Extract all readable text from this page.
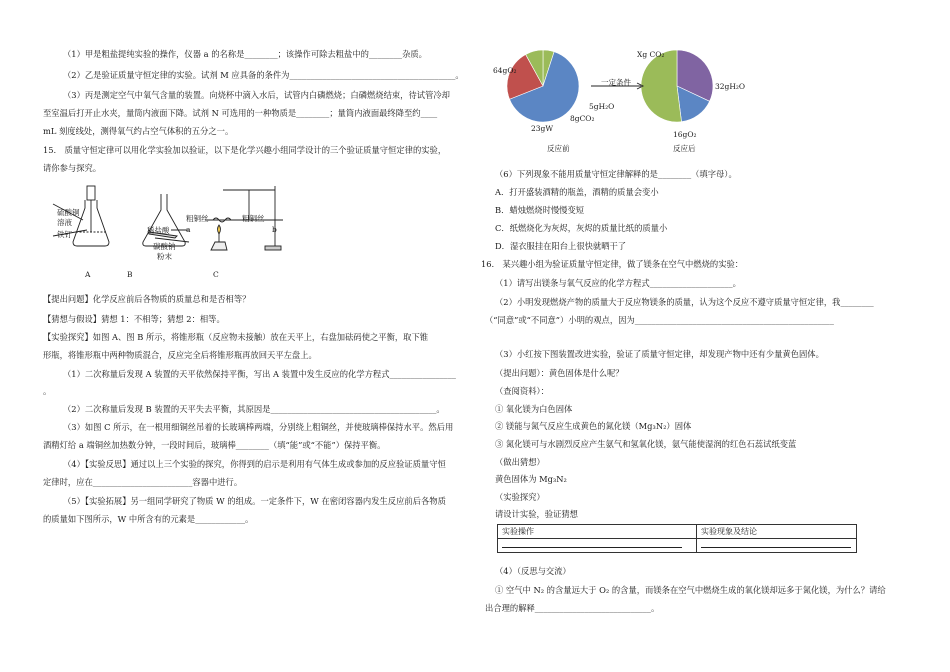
（1）甲是粗盐提纯实验的操作，仪器 a 的名称是________；该操作可除去粗盐中的________杂质。
（2）乙是验证质量守恒定律的实验。试剂 M 应具备的条件为________________________________________。
（3）丙是测定空气中氧气含量的装置。向烧杯中滴入水后，试管内白磷燃烧；白磷燃烧结束，待试管冷却
至室温后打开止水夹，量筒内液面下降。试剂 N 可选用的一种物质是________；量筒内液面最终降至约____
mL 刻度线处，测得氧气约占空气体积的五分之一。
15.　质量守恒定律可以用化学实验加以验证，以下是化学兴趣小组同学设计的三个验证质量守恒定律的实验，
请你参与探究。
硫酸铜
溶液
铁钉	稀盐酸
碳酸钠
粉末
粗铜丝	粗铜丝
a	b
A	B	C
【提出问题】化学反应前后各物质的质量总和是否相等？
【猜想与假设】猜想 1：不相等；猜想 2：相等。
【实验探究】如图 A、图 B 所示，将锥形瓶（反应物未接触）放在天平上，右盘加砝码使之平衡，取下锥
形瓶，将锥形瓶中两种物质混合，反应完全后将锥形瓶再放回天平左盘上。
（1）二次称量后发现 A 装置的天平依然保持平衡，写出 A 装置中发生反应的化学方程式________________
。
（2）二次称量后发现 B 装置的天平失去平衡，其原因是________________________________________。
（3）如图 C 所示，在一根用细铜丝吊着的长玻璃棒两端，分别绕上粗铜丝，并使玻璃棒保持水平。然后用
酒精灯给 a 端铜丝加热数分钟，一段时间后，玻璃棒________（填“能”或“不能”）保持平衡。
（4）【实验反思】通过以上三个实验的探究，你得到的启示是利用有气体生成或参加的反应验证质量守恒
定律时，应在________________________容器中进行。
（5）【实验拓展】另一组同学研究了物质 W 的组成。一定条件下，W 在密闭容器内发生反应前后各物质
的质量如下图所示，W 中所含有的元素是____________。
64gO₂
23gW
8gCO₂
5gH₂O
Xg CO₂
32gH₂O
16gO₂
一定条件
反应前	反应后
（6）下列现象不能用质量守恒定律解释的是________（填字母）。
A．打开盛装酒精的瓶盖，酒精的质量会变小
B．蜡烛燃烧时慢慢变短
C．纸燃烧化为灰烬，灰烬的质量比纸的质量小
D．湿衣服挂在阳台上很快就晒干了
16.　某兴趣小组为验证质量守恒定律，做了镁条在空气中燃烧的实验：
（1）请写出镁条与氧气反应的化学方程式____________________。
（2）小明发现燃烧产物的质量大于反应物镁条的质量，认为这个反应不遵守质量守恒定律，我________
（“同意”或“不同意”）小明的观点，因为________________________________________________
（3）小红按下图装置改进实验，验证了质量守恒定律，却发现产物中还有少量黄色固体。
（提出问题）：黄色固体是什么呢？
（查阅资料）：
① 氧化镁为白色固体
② 镁能与氮气反应生成黄色的氮化镁（Mg₃N₂）固体
③ 氮化镁可与水剧烈反应产生氨气和氢氧化镁，氨气能使湿润的红色石蕊试纸变蓝
（做出猜想）
黄色固体为 Mg₃N₂
（实验探究）
请设计实验，验证猜想
实验操作	实验现象及结论

（4）（反思与交流）
① 空气中 N₂ 的含量远大于 O₂ 的含量，而镁条在空气中燃烧生成的氧化镁却远多于氮化镁，为什么？请给
出合理的解释____________________________。
